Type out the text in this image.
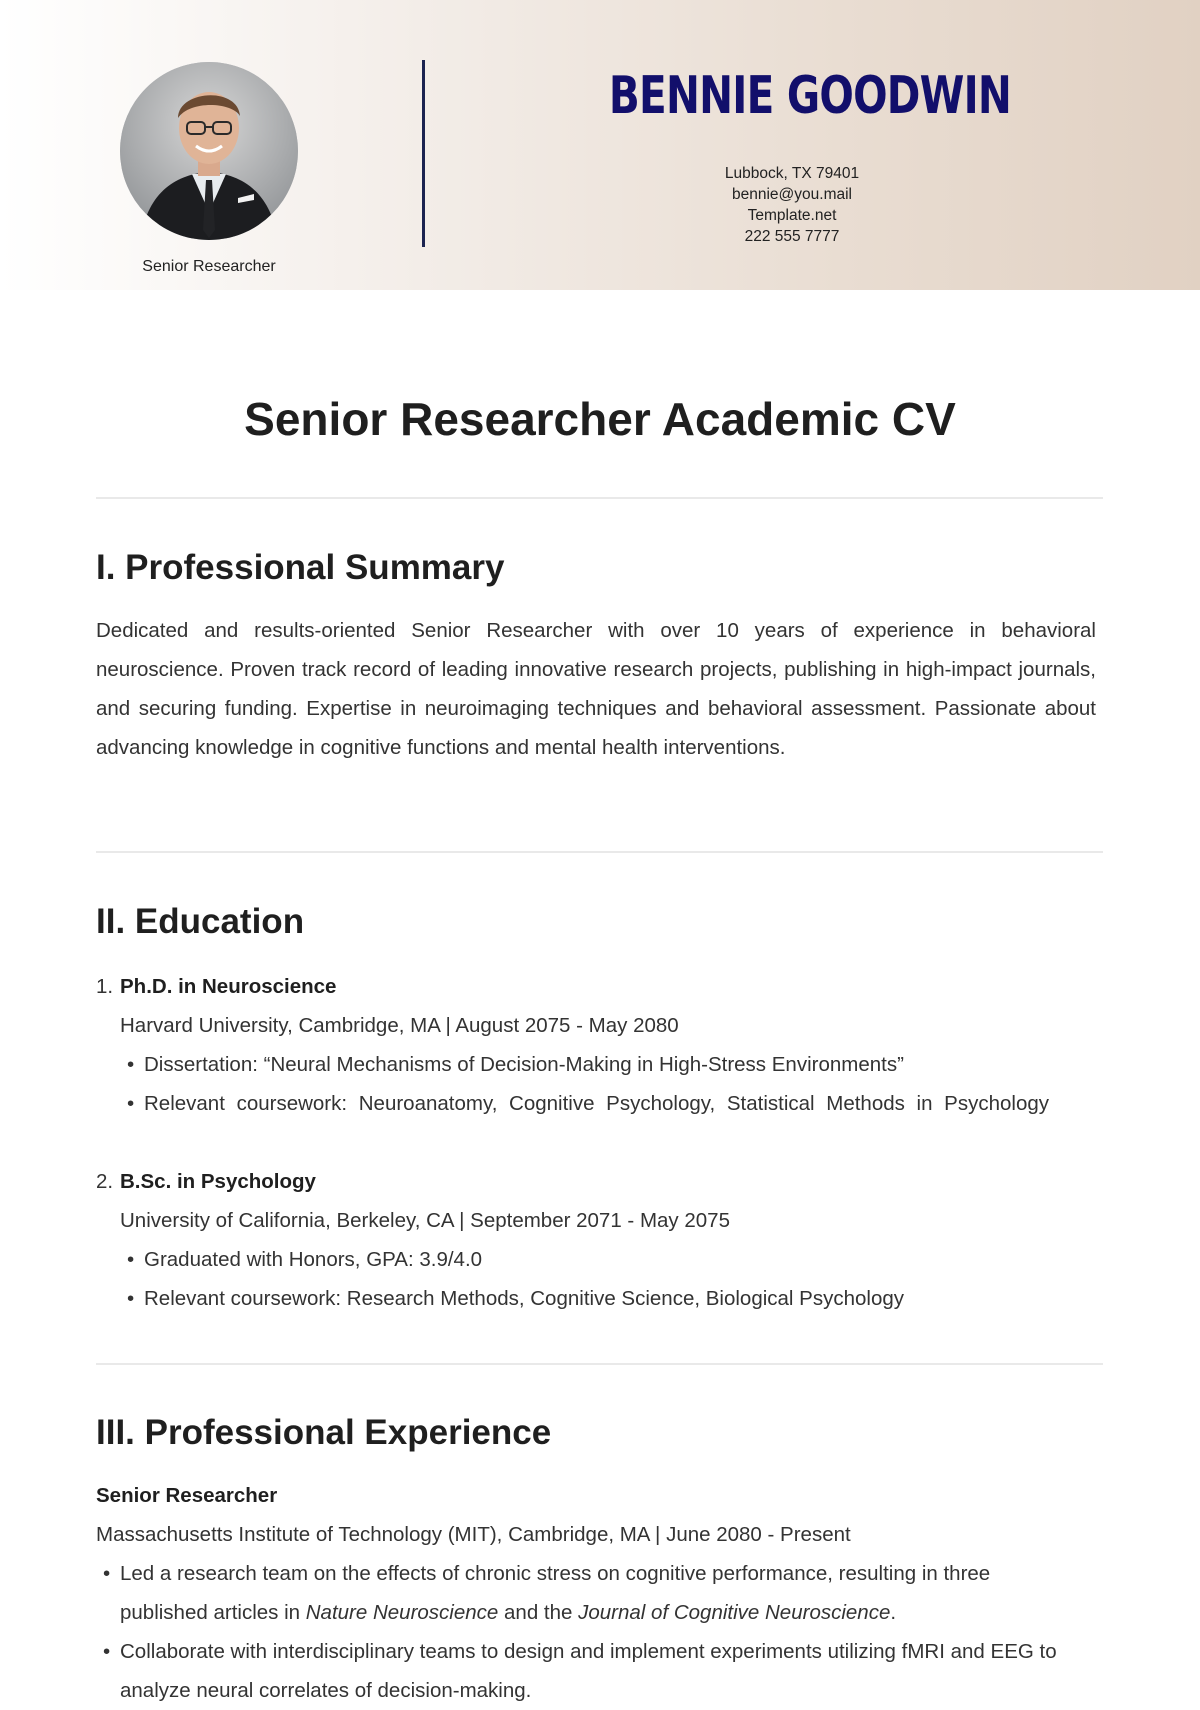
Senior Researcher
BENNIE GOODWIN
Lubbock, TX 79401
bennie@you.mail
Template.net
222 555 7777
Senior Researcher Academic CV
I. Professional Summary
Dedicated and results-oriented Senior Researcher with over 10 years of experience in behavioral neuroscience. Proven track record of leading innovative research projects, publishing in high-impact journals, and securing funding. Expertise in neuroimaging techniques and behavioral assessment. Passionate about advancing knowledge in cognitive functions and mental health interventions.
II. Education
1. Ph.D. in Neuroscience
Harvard University, Cambridge, MA | August 2075 - May 2080
• Dissertation: “Neural Mechanisms of Decision-Making in High-Stress Environments”
• Relevant coursework: Neuroanatomy, Cognitive Psychology, Statistical Methods in Psychology
2. B.Sc. in Psychology
University of California, Berkeley, CA | September 2071 - May 2075
• Graduated with Honors, GPA: 3.9/4.0
• Relevant coursework: Research Methods, Cognitive Science, Biological Psychology
III. Professional Experience
Senior Researcher
Massachusetts Institute of Technology (MIT), Cambridge, MA | June 2080 - Present
• Led a research team on the effects of chronic stress on cognitive performance, resulting in three published articles in Nature Neuroscience and the Journal of Cognitive Neuroscience.
• Collaborate with interdisciplinary teams to design and implement experiments utilizing fMRI and EEG to analyze neural correlates of decision-making.
